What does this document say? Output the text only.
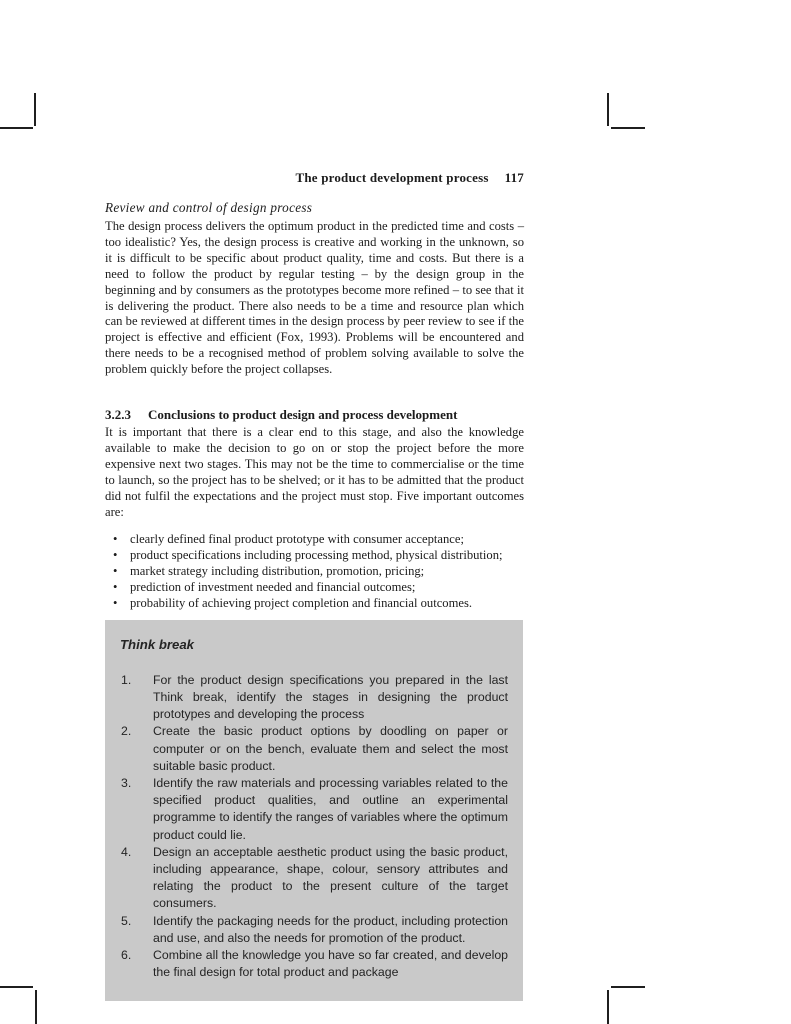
The product development process 117
Review and control of design process

The design process delivers the optimum product in the predicted time and costs – too idealistic? Yes, the design process is creative and working in the unknown, so it is difficult to be specific about product quality, time and costs. But there is a need to follow the product by regular testing – by the design group in the beginning and by consumers as the prototypes become more refined – to see that it is delivering the product. There also needs to be a time and resource plan which can be reviewed at different times in the design process by peer review to see if the project is effective and efficient (Fox, 1993). Problems will be encountered and there needs to be a recognised method of problem solving available to solve the problem quickly before the project collapses.

3.2.3 Conclusions to product design and process development

It is important that there is a clear end to this stage, and also the knowledge available to make the decision to go on or stop the project before the more expensive next two stages. This may not be the time to commercialise or the time to launch, so the project has to be shelved; or it has to be admitted that the product did not fulfil the expectations and the project must stop. Five important outcomes are:

• clearly defined final product prototype with consumer acceptance;
• product specifications including processing method, physical distribution;
• market strategy including distribution, promotion, pricing;
• prediction of investment needed and financial outcomes;
• probability of achieving project completion and financial outcomes.
Think break
1.	For the product design specifications you prepared in the last Think break, identify the stages in designing the product prototypes and developing the process
2.	Create the basic product options by doodling on paper or computer or on the bench, evaluate them and select the most suitable basic product.
3.	Identify the raw materials and processing variables related to the specified product qualities, and outline an experimental programme to identify the ranges of variables where the optimum product could lie.
4.	Design an acceptable aesthetic product using the basic product, including appearance, shape, colour, sensory attributes and relating the product to the present culture of the target consumers.
5.	Identify the packaging needs for the product, including protection and use, and also the needs for promotion of the product.
6.	Combine all the knowledge you have so far created, and develop the final design for total product and package
